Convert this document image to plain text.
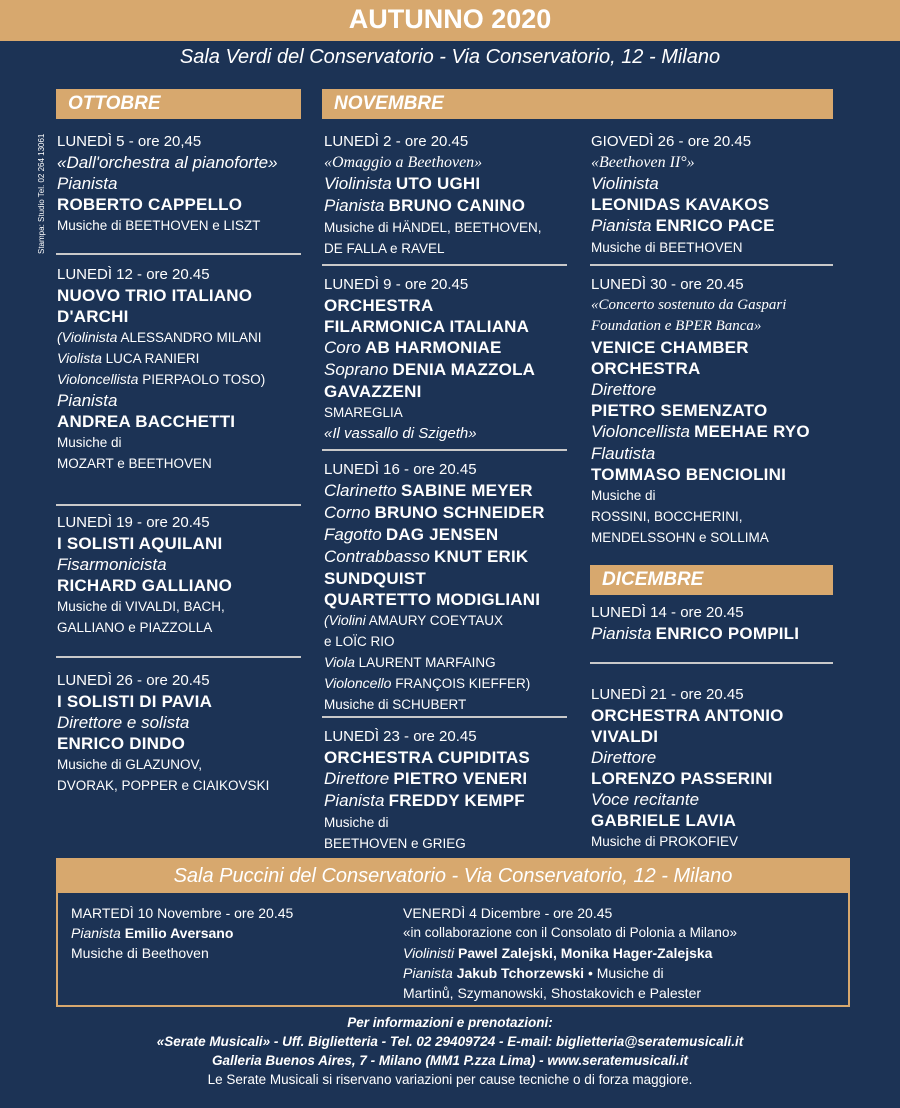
AUTUNNO 2020
Sala Verdi del Conservatorio - Via Conservatorio, 12 - Milano
Stampa: Studio Tel. 02 264 13061
OTTOBRE	NOVEMBRE
DICEMBRE
LUNEDÌ 5 - ore 20,45
«Dall'orchestra al pianoforte»
Pianista
ROBERTO CAPPELLO
Musiche di BEETHOVEN e LISZT
LUNEDÌ 12 - ore 20.45
NUOVO TRIO ITALIANO
D'ARCHI
(Violinista ALESSANDRO MILANI
Violista LUCA RANIERI
Violoncellista PIERPAOLO TOSO)
Pianista
ANDREA BACCHETTI
Musiche di
MOZART e BEETHOVEN
LUNEDÌ 19 - ore 20.45
I SOLISTI AQUILANI
Fisarmonicista
RICHARD GALLIANO
Musiche di VIVALDI, BACH,
GALLIANO e PIAZZOLLA
LUNEDÌ 26 - ore 20.45
I SOLISTI DI PAVIA
Direttore e solista
ENRICO DINDO
Musiche di GLAZUNOV,
DVORAK, POPPER e CIAIKOVSKI
LUNEDÌ 2 - ore 20.45
«Omaggio a Beethoven»
Violinista UTO UGHI
Pianista BRUNO CANINO
Musiche di HÄNDEL, BEETHOVEN,
DE FALLA e RAVEL
LUNEDÌ 9 - ore 20.45
ORCHESTRA
FILARMONICA ITALIANA
Coro AB HARMONIAE
Soprano DENIA MAZZOLA
GAVAZZENI
SMAREGLIA
«Il vassallo di Szigeth»
LUNEDÌ 16 - ore 20.45
Clarinetto SABINE MEYER
Corno BRUNO SCHNEIDER
Fagotto DAG JENSEN
Contrabbasso KNUT ERIK
SUNDQUIST
QUARTETTO MODIGLIANI
(Violini AMAURY COEYTAUX
e LOÏC RIO
Viola LAURENT MARFAING
Violoncello FRANÇOIS KIEFFER)
Musiche di SCHUBERT
LUNEDÌ 23 - ore 20.45
ORCHESTRA CUPIDITAS
Direttore PIETRO VENERI
Pianista FREDDY KEMPF
Musiche di
BEETHOVEN e GRIEG
GIOVEDÌ 26 - ore 20.45
«Beethoven II°»
Violinista
LEONIDAS KAVAKOS
Pianista ENRICO PACE
Musiche di BEETHOVEN
LUNEDÌ 30 - ore 20.45
«Concerto sostenuto da Gaspari
Foundation e BPER Banca»
VENICE CHAMBER
ORCHESTRA
Direttore
PIETRO SEMENZATO
Violoncellista MEEHAE RYO
Flautista
TOMMASO BENCIOLINI
Musiche di
ROSSINI, BOCCHERINI,
MENDELSSOHN e SOLLIMA
LUNEDÌ 14 - ore 20.45
Pianista ENRICO POMPILI
LUNEDÌ 21 - ore 20.45
ORCHESTRA ANTONIO
VIVALDI
Direttore
LORENZO PASSERINI
Voce recitante
GABRIELE LAVIA
Musiche di PROKOFIEV
Sala Puccini del Conservatorio - Via Conservatorio, 12 - Milano
MARTEDÌ 10 Novembre - ore 20.45
Pianista Emilio Aversano
Musiche di Beethoven
VENERDÌ 4 Dicembre - ore 20.45
«in collaborazione con il Consolato di Polonia a Milano»
Violinisti Pawel Zalejski, Monika Hager-Zalejska
Pianista Jakub Tchorzewski • Musiche di
Martinů, Szymanowski, Shostakovich e Palester
Per informazioni e prenotazioni:
«Serate Musicali» - Uff. Biglietteria - Tel. 02 29409724 - E-mail: biglietteria@seratemusicali.it
Galleria Buenos Aires, 7 - Milano (MM1 P.zza Lima) - www.seratemusicali.it
Le Serate Musicali si riservano variazioni per cause tecniche o di forza maggiore.
